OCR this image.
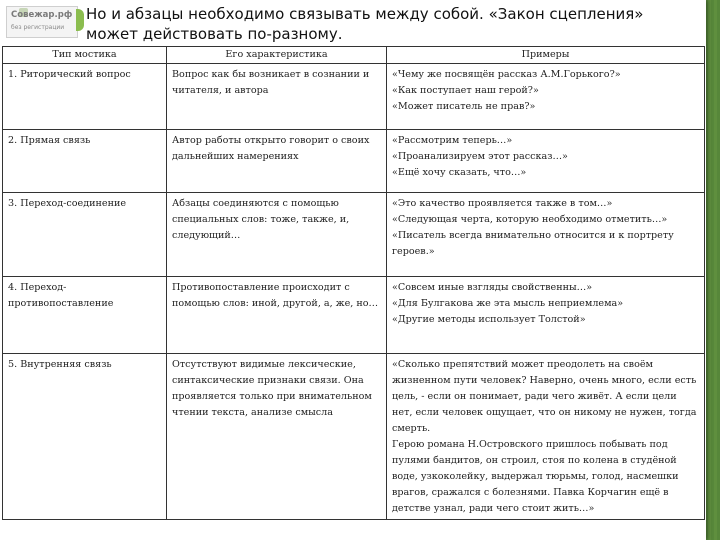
Coвежар.рф
без регистрации
Но и абзацы необходимо связывать между собой. «Закон сцепления» может действовать по-разному.
Тип мостика	Его характеристика	Примеры
1. Риторический вопрос	Вопрос как бы возникает в сознании и читателя, и автора	«Чему же посвящён рассказ А.М.Горького?»
«Как поступает наш герой?»
«Может писатель не прав?»

2. Прямая связь	Автор работы открыто говорит о своих дальнейших намерениях	«Рассмотрим теперь…»
«Проанализируем этот рассказ…»
«Ещё хочу сказать, что…»

3. Переход-соединение	Абзацы соединяются с помощью специальных слов: тоже, также, и, следующий…	«Это качество проявляется также в том…»
«Следующая черта, которую необходимо отметить…»
«Писатель всегда внимательно относится и к портрету героев.»

4. Переход-противопоставление	Противопоставление происходит с помощью слов: иной, другой, а, же, но…	«Совсем иные взгляды свойственны…»
«Для Булгакова же эта мысль неприемлема»
«Другие методы использует Толстой»

5. Внутренняя связь	Отсутствуют видимые лексические, синтаксические признаки связи. Она проявляется только при внимательном чтении текста, анализе смысла	«Сколько препятствий может преодолеть на своём жизненном пути человек? Наверно, очень много, если есть цель, - если он понимает, ради чего живёт. А если цели нет, если человек ощущает, что он никому не нужен, тогда смерть.
Герою романа Н.Островского пришлось побывать под пулями бандитов, он строил, стоя по колена в студёной воде, узкоколейку, выдержал тюрьмы, голод, насмешки врагов, сражался с болезнями. Павка Корчагин ещё в детстве узнал, ради чего стоит жить…»
